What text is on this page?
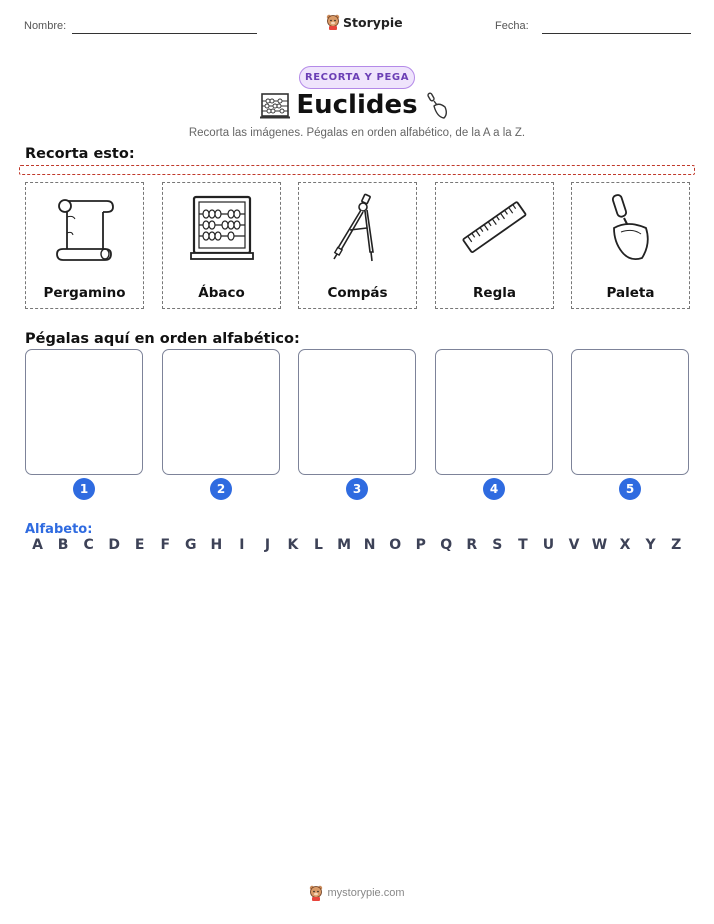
Nombre:	Storypie	Fecha:
RECORTA Y PEGA
Euclides
Recorta las imágenes. Pégalas en orden alfabético, de la A a la Z.
Recorta esto:
Pergamino	Ábaco	Compás	Regla	Paleta
Pégalas aquí en orden alfabético:
1	2	3	4	5
Alfabeto:
A	B	C	D	E	F	G H	I	J	K	L	M N O	P	Q	R	S	T	U	V W X	Y	Z
mystorypie.com
